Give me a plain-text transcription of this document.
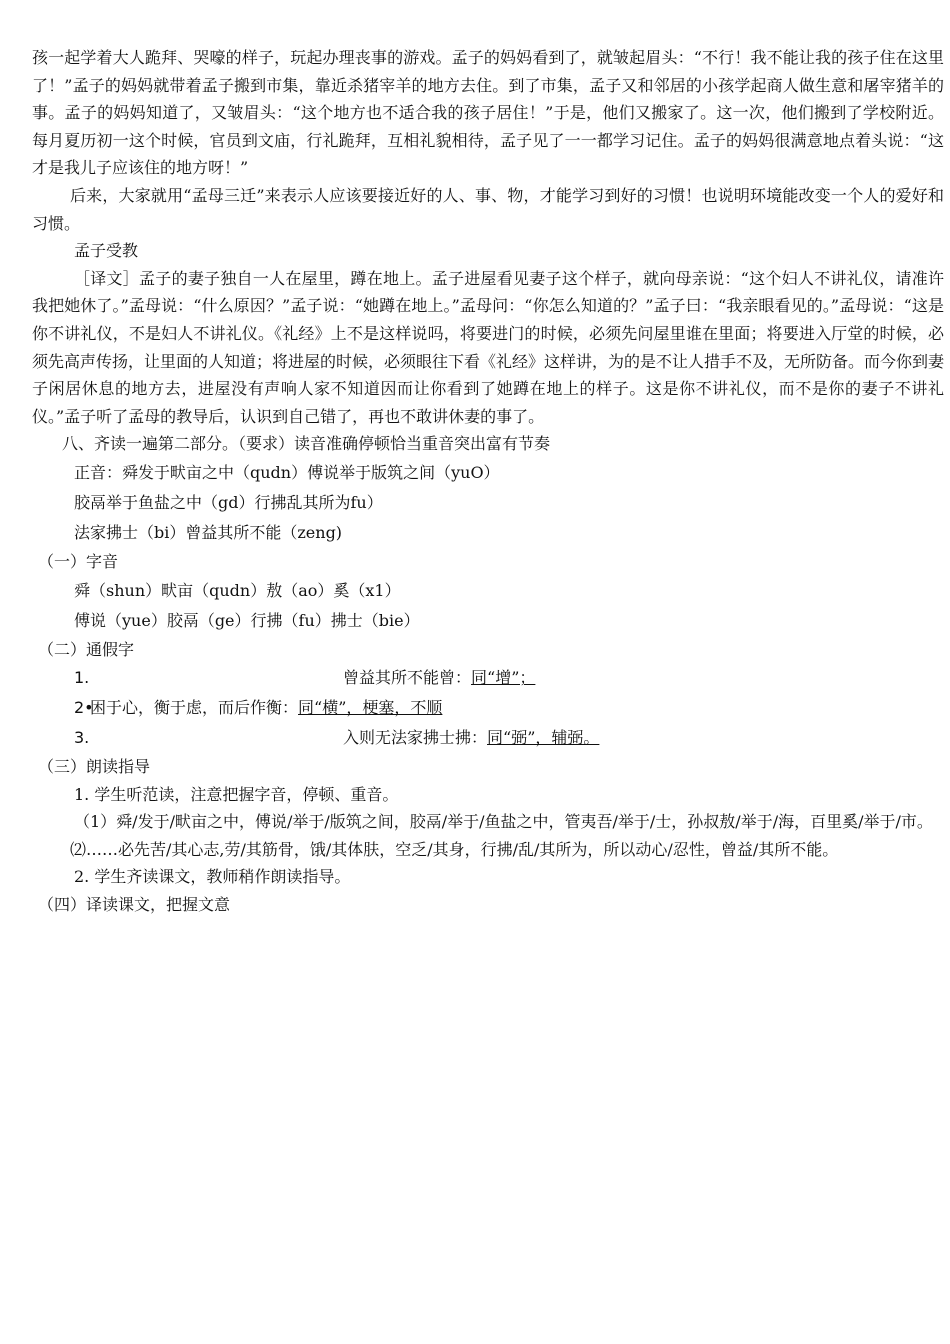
孩一起学着大人跪拜、哭嚎的样子，玩起办理丧事的游戏。孟子的妈妈看到了，就皱起眉头：“不行！我不能让我的孩子住在这里了！”孟子的妈妈就带着孟子搬到市集，靠近杀猪宰羊的地方去住。到了市集，孟子又和邻居的小孩学起商人做生意和屠宰猪羊的事。孟子的妈妈知道了，又皱眉头：“这个地方也不适合我的孩子居住！”于是，他们又搬家了。这一次，他们搬到了学校附近。每月夏历初一这个时候，官员到文庙，行礼跪拜，互相礼貌相待，孟子见了一一都学习记住。孟子的妈妈很满意地点着头说：“这才是我儿子应该住的地方呀！”

后来，大家就用“孟母三迁”来表示人应该要接近好的人、事、物，才能学习到好的习惯！也说明环境能改变一个人的爱好和习惯。

孟子受教

［译文］孟子的妻子独自一人在屋里，蹲在地上。孟子进屋看见妻子这个样子，就向母亲说：“这个妇人不讲礼仪，请准许我把她休了。”孟母说：“什么原因？”孟子说：“她蹲在地上。”孟母问：“你怎么知道的？”孟子曰：“我亲眼看见的。”孟母说：“这是你不讲礼仪，不是妇人不讲礼仪。《礼经》上不是这样说吗，将要进门的时候，必须先问屋里谁在里面；将要进入厅堂的时候，必须先高声传扬，让里面的人知道；将进屋的时候，必须眼往下看《礼经》这样讲，为的是不让人措手不及，无所防备。而今你到妻子闲居休息的地方去，进屋没有声响人家不知道因而让你看到了她蹲在地上的样子。这是你不讲礼仪，而不是你的妻子不讲礼仪。”孟子听了孟母的教导后，认识到自己错了，再也不敢讲休妻的事了。

八、齐读一遍第二部分。（要求）读音准确停顿恰当重音突出富有节奏

正音：舜发于畎亩之中（qudn）傅说举于版筑之间（yuO）

胶鬲举于鱼盐之中（gd）行拂乱其所为fu）

法家拂士（bi）曾益其所不能（zeng)

（一）字音

舜（shun）畎亩（qudn）敖（ao）奚（x1）

傅说（yue）胶鬲（ge）行拂（fu）拂士（bie）

（二）通假字

1.	曾益其所不能曾：同“增”；
2•
困于心，衡于虑，而后作衡：同“横”，梗塞，不顺
3.	入则无法家拂士拂：同“弼”，辅弼。

（三）朗读指导

1. 学生听范读，注意把握字音，停顿、重音。

（1）舜/发于/畎亩之中，傅说/举于/版筑之间，胶鬲/举于/鱼盐之中，管夷吾/举于/士，孙叔敖/举于/海，百里奚/举于/市。

⑵……必先苦/其心志,劳/其筋骨，饿/其体肤，空乏/其身，行拂/乱/其所为，所以动心/忍性，曾益/其所不能。

2. 学生齐读课文，教师稍作朗读指导。

（四）译读课文，把握文意
